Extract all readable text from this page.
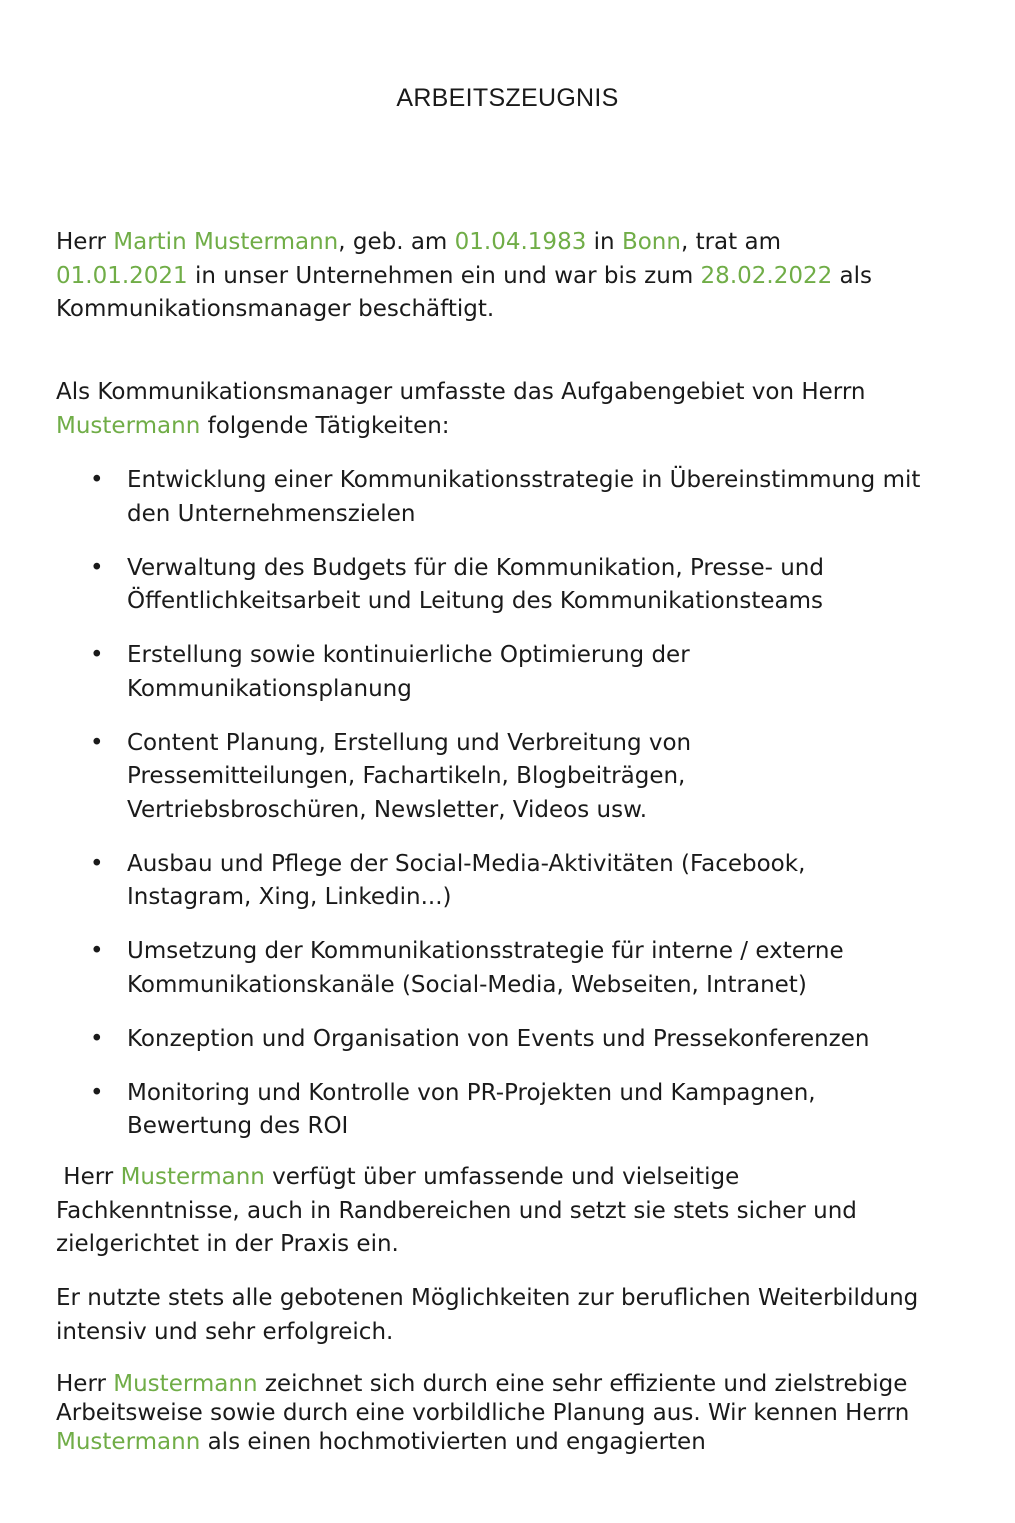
ARBEITSZEUGNIS

Herr Martin Mustermann, geb. am 01.04.1983 in Bonn, trat am
01.01.2021 in unser Unternehmen ein und war bis zum 28.02.2022 als
Kommunikationsmanager beschäftigt.

Als Kommunikationsmanager umfasste das Aufgabengebiet von Herrn
Mustermann folgende Tätigkeiten:

• Entwicklung einer Kommunikationsstrategie in Übereinstimmung mit
den Unternehmenszielen
• Verwaltung des Budgets für die Kommunikation, Presse- und
Öffentlichkeitsarbeit und Leitung des Kommunikationsteams
• Erstellung sowie kontinuierliche Optimierung der
Kommunikationsplanung
• Content Planung, Erstellung und Verbreitung von
Pressemitteilungen, Fachartikeln, Blogbeiträgen,
Vertriebsbroschüren, Newsletter, Videos usw.
• Ausbau und Pflege der Social-Media-Aktivitäten (Facebook,
Instagram, Xing, Linkedin...)
• Umsetzung der Kommunikationsstrategie für interne / externe
Kommunikationskanäle (Social-Media, Webseiten, Intranet)
• Konzeption und Organisation von Events und Pressekonferenzen
• Monitoring und Kontrolle von PR-Projekten und Kampagnen,
Bewertung des ROI

Herr Mustermann verfügt über umfassende und vielseitige
Fachkenntnisse, auch in Randbereichen und setzt sie stets sicher und
zielgerichtet in der Praxis ein.

Er nutzte stets alle gebotenen Möglichkeiten zur beruflichen Weiterbildung
intensiv und sehr erfolgreich.

Herr Mustermann zeichnet sich durch eine sehr effiziente und zielstrebige
Arbeitsweise sowie durch eine vorbildliche Planung aus. Wir kennen Herrn
Mustermann als einen hochmotivierten und engagierten
